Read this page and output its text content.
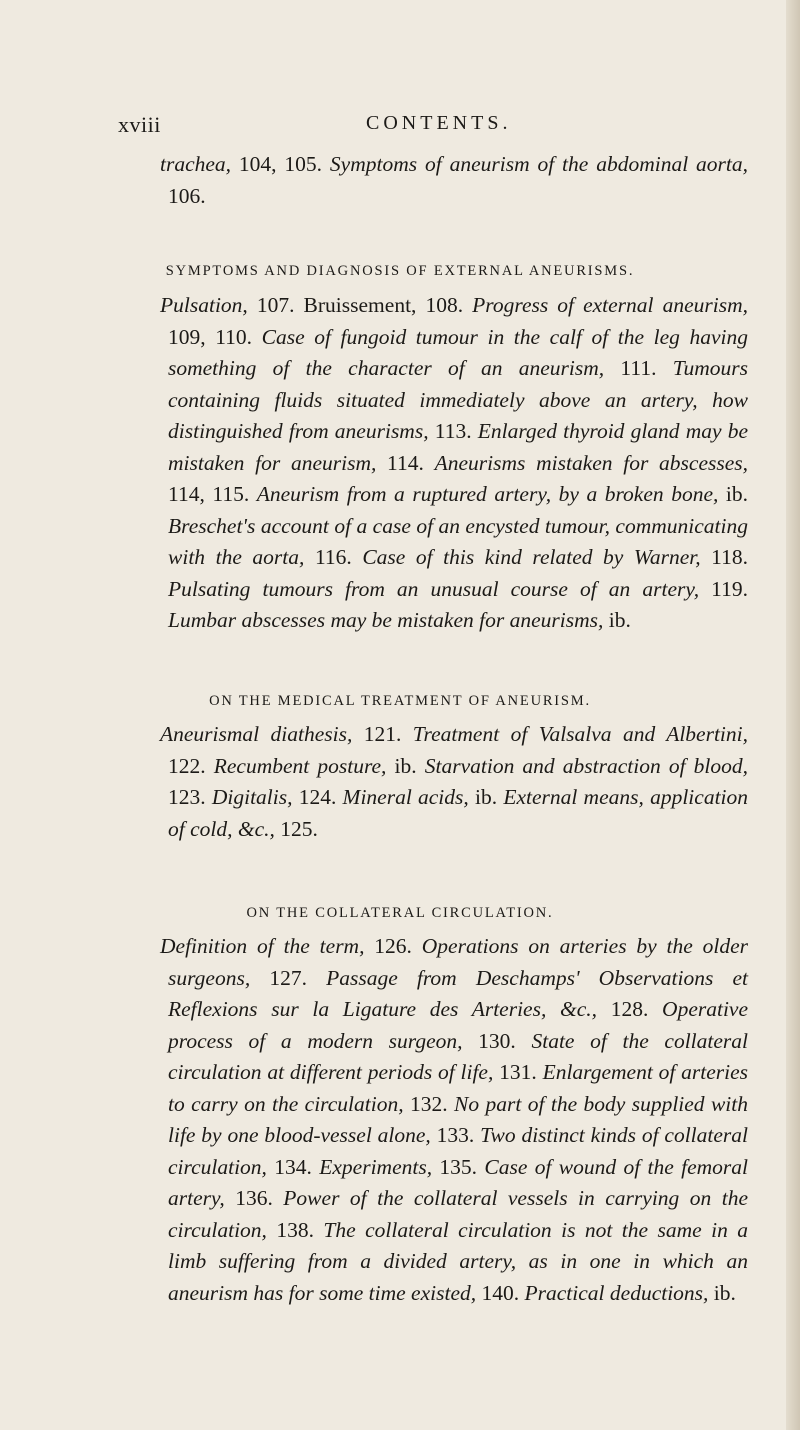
xviii	CONTENTS.
trachea, 104, 105. Symptoms of aneurism of the abdominal aorta, 106.
SYMPTOMS AND DIAGNOSIS OF EXTERNAL ANEURISMS.
Pulsation, 107. Bruissement, 108. Progress of external aneurism, 109, 110. Case of fungoid tumour in the calf of the leg having something of the character of an aneurism, 111. Tumours containing fluids situated immediately above an artery, how distinguished from aneurisms, 113. Enlarged thyroid gland may be mistaken for aneurism, 114. Aneurisms mistaken for abscesses, 114, 115. Aneurism from a ruptured artery, by a broken bone, ib. Breschet's account of a case of an encysted tumour, communicating with the aorta, 116. Case of this kind related by Warner, 118. Pulsating tumours from an unusual course of an artery, 119. Lumbar abscesses may be mistaken for aneurisms, ib.
ON THE MEDICAL TREATMENT OF ANEURISM.
Aneurismal diathesis, 121. Treatment of Valsalva and Albertini, 122. Recumbent posture, ib. Starvation and abstraction of blood, 123. Digitalis, 124. Mineral acids, ib. External means, application of cold, &c., 125.
ON THE COLLATERAL CIRCULATION.
Definition of the term, 126. Operations on arteries by the older surgeons, 127. Passage from Deschamps' Observations et Reflexions sur la Ligature des Arteries, &c., 128. Operative process of a modern surgeon, 130. State of the collateral circulation at different periods of life, 131. Enlargement of arteries to carry on the circulation, 132. No part of the body supplied with life by one blood-vessel alone, 133. Two distinct kinds of collateral circulation, 134. Experiments, 135. Case of wound of the femoral artery, 136. Power of the collateral vessels in carrying on the circulation, 138. The collateral circulation is not the same in a limb suffering from a divided artery, as in one in which an aneurism has for some time existed, 140. Practical deductions, ib.
